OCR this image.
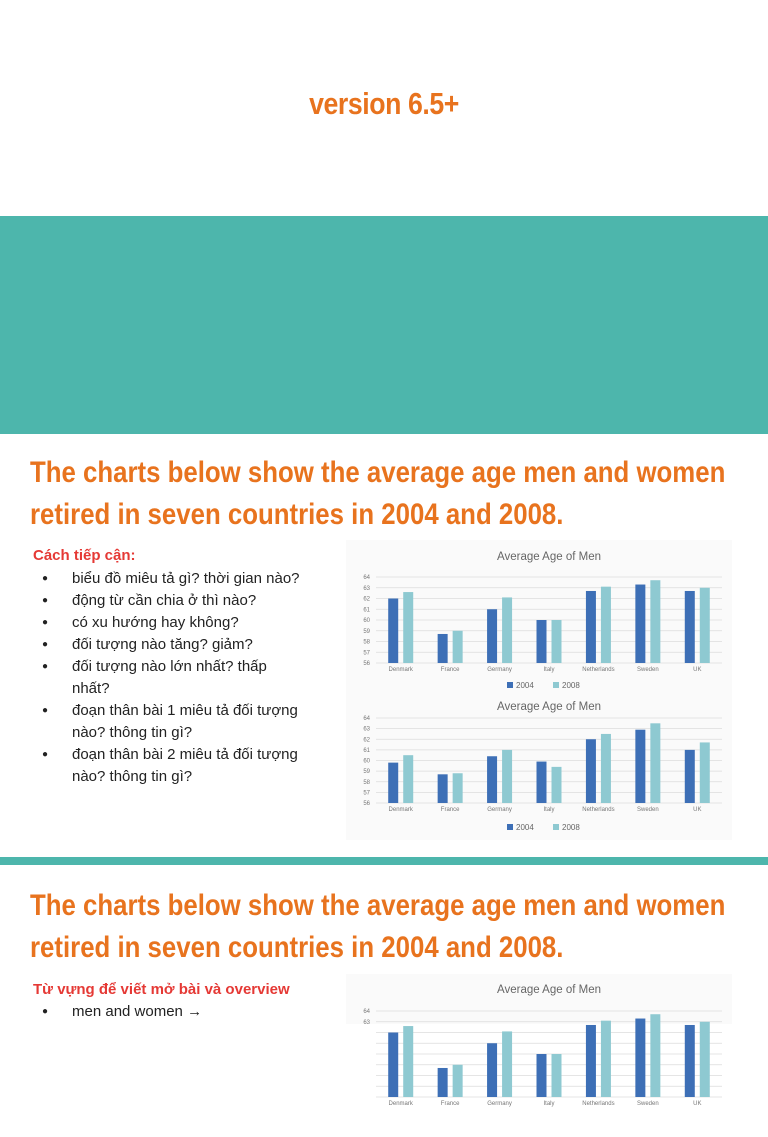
version 6.5+
The charts below show the average age men and women
retired in seven countries in 2004 and 2008.
Cách tiếp cận:
● biểu đồ miêu tả gì? thời gian nào?
● động từ cần chia ở thì nào?
● có xu hướng hay không?
● đối tượng nào tăng? giảm?
● đối tượng nào lớn nhất? thấp nhất?
● đoạn thân bài 1 miêu tả đối tượng nào? thông tin gì?
● đoạn thân bài 2 miêu tả đối tượng nào? thông tin gì?
Average Age of Men
56
57
58
59
60
61
62
63
64
Denmark	France	Germany	Italy	Netherlands	Sweden	UK
2004	2008
Average Age of Men
56
57
58
59
60
61
62
63
64
Denmark	France	Germany	Italy	Netherlands	Sweden	UK
2004	2008
The charts below show the average age men and women
retired in seven countries in 2004 and 2008.
Từ vựng để viết mở bài và overview
● men and women →
Average Age of Men
63
64
Denmark	France	Germany	Italy	Netherlands	Sweden	UK
